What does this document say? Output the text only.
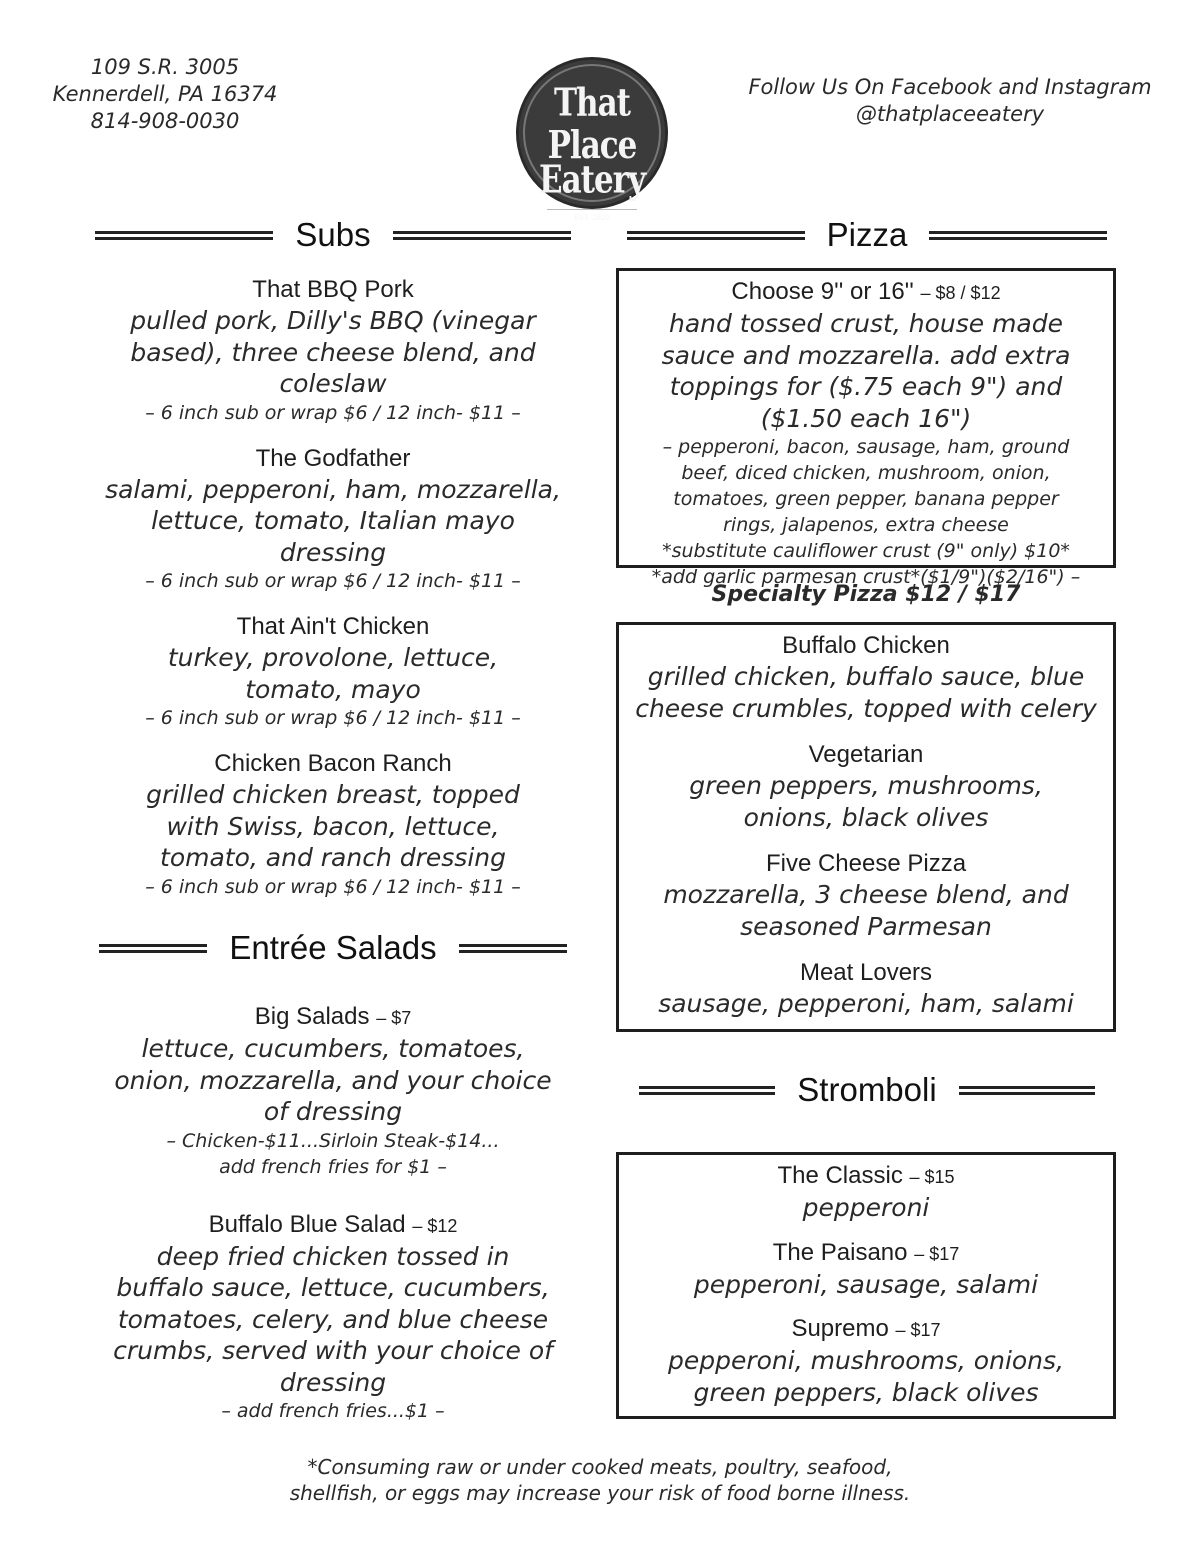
109 S.R. 3005
Kennerdell, PA 16374
814-908-0030	That Place
Eatery
EST. 2020
Follow Us On Facebook and Instagram
@thatplaceeatery
Subs	Pizza
That BBQ Pork
pulled pork, Dilly's BBQ (vinegar based), three cheese blend, and coleslaw
– 6 inch sub or wrap $6 / 12 inch- $11 –
The Godfather
salami, pepperoni, ham, mozzarella, lettuce, tomato, Italian mayo dressing
– 6 inch sub or wrap $6 / 12 inch- $11 –
That Ain't Chicken
turkey, provolone, lettuce, tomato, mayo
– 6 inch sub or wrap $6 / 12 inch- $11 –
Chicken Bacon Ranch
grilled chicken breast, topped with Swiss, bacon, lettuce, tomato, and ranch dressing
– 6 inch sub or wrap $6 / 12 inch- $11 –
Entrée Salads
Big Salads – $7
lettuce, cucumbers, tomatoes, onion, mozzarella, and your choice of dressing
– Chicken-$11...Sirloin Steak-$14...
add french fries for $1 –
Buffalo Blue Salad – $12
deep fried chicken tossed in buffalo sauce, lettuce, cucumbers, tomatoes, celery, and blue cheese crumbs, served with your choice of dressing
– add french fries...$1 –
Choose 9'' or 16'' – $8 / $12
hand tossed crust, house made sauce and mozzarella. add extra toppings for ($.75 each 9") and ($1.50 each 16")
– pepperoni, bacon, sausage, ham, ground beef, diced chicken, mushroom, onion, tomatoes, green pepper, banana pepper rings, jalapenos, extra cheese
*substitute cauliflower crust (9" only) $10*
*add garlic parmesan crust*($1/9")($2/16") –
Specialty Pizza $12 / $17
Buffalo Chicken
grilled chicken, buffalo sauce, blue cheese crumbles, topped with celery
Vegetarian
green peppers, mushrooms, onions, black olives
Five Cheese Pizza
mozzarella, 3 cheese blend, and seasoned Parmesan
Meat Lovers
sausage, pepperoni, ham, salami
Stromboli
The Classic – $15
pepperoni
The Paisano – $17
pepperoni, sausage, salami
Supremo – $17
pepperoni, mushrooms, onions, green peppers, black olives
*Consuming raw or under cooked meats, poultry, seafood,
shellfish, or eggs may increase your risk of food borne illness.
